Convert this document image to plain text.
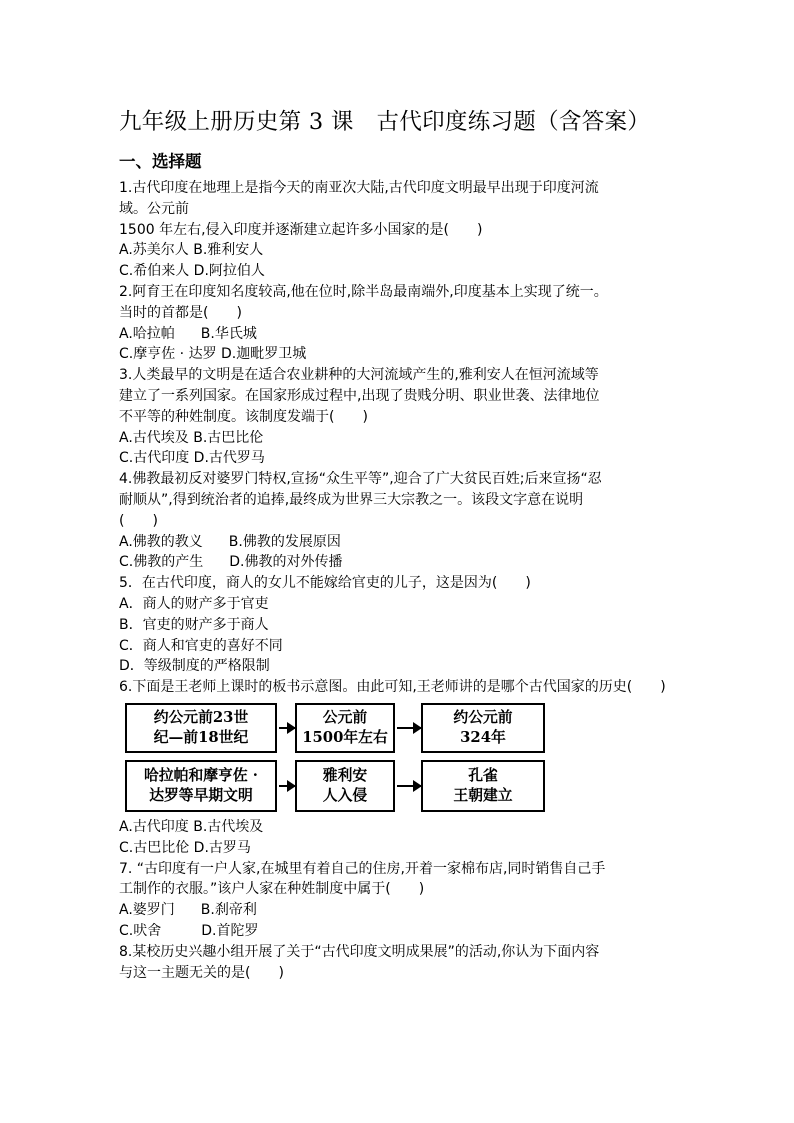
九年级上册历史第 3 课　古代印度练习题（含答案）
一、选择题
1.古代印度在地理上是指今天的南亚次大陆,古代印度文明最早出现于印度河流
域。公元前
1500 年左右,侵入印度并逐渐建立起许多小国家的是(　　)
A.苏美尔人 B.雅利安人
C.希伯来人 D.阿拉伯人
2.阿育王在印度知名度较高,他在位时,除半岛最南端外,印度基本上实现了统一。
当时的首都是(　　)
A.哈拉帕 B.华氏城
C.摩亨佐 · 达罗 D.迦毗罗卫城
3.人类最早的文明是在适合农业耕种的大河流域产生的,雅利安人在恒河流域等
建立了一系列国家。在国家形成过程中,出现了贵贱分明、职业世袭、法律地位
不平等的种姓制度。该制度发端于(　　)
A.古代埃及 B.古巴比伦
C.古代印度 D.古代罗马
4.佛教最初反对婆罗门特权,宣扬“众生平等”,迎合了广大贫民百姓;后来宣扬“忍
耐顺从”,得到统治者的追捧,最终成为世界三大宗教之一。该段文字意在说明
(　　)
A.佛教的教义 B.佛教的发展原因
C.佛教的产生 D.佛教的对外传播
5．在古代印度，商人的女儿不能嫁给官吏的儿子，这是因为(　　)
A．商人的财产多于官吏
B．官吏的财产多于商人
C．商人和官吏的喜好不同
D．等级制度的严格限制
6.下面是王老师上课时的板书示意图。由此可知,王老师讲的是哪个古代国家的历史(　　)
约公元前23世
纪—前18世纪
公元前
1500年左右
约公元前
324年
哈拉帕和摩亨佐 ·
达罗等早期文明
雅利安
人入侵
孔雀
王朝建立
A.古代印度 B.古代埃及
C.古巴比伦 D.古罗马
7. “古印度有一户人家,在城里有着自己的住房,开着一家棉布店,同时销售自己手
工制作的衣服。”该户人家在种姓制度中属于(　　)
A.婆罗门 B.刹帝利
C.吠舍	D.首陀罗
8.某校历史兴趣小组开展了关于“古代印度文明成果展”的活动,你认为下面内容
与这一主题无关的是(　　)
